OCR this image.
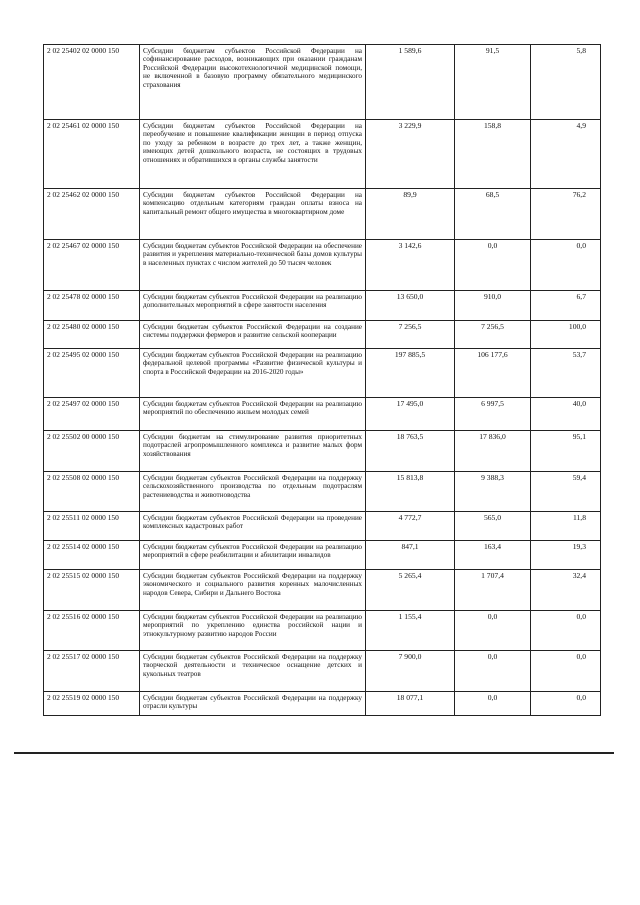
2 02 25402 02 0000 150	Субсидии бюджетам субъектов Российской Федерации на софинансирование расходов, возникающих при оказании гражданам Российской Федерации высокотехнологичной медицинской помощи, не включенной в базовую программу обязательного медицинского страхования	1 589,6	91,5	5,8
2 02 25461 02 0000 150	Субсидии бюджетам субъектов Российской Федерации на переобучение и повышение квалификации женщин в период отпуска по уходу за ребенком в возрасте до трех лет, а также женщин, имеющих детей дошкольного возраста, не состоящих в трудовых отношениях и обратившихся в органы службы занятости	3 229,9	158,8	4,9
2 02 25462 02 0000 150	Субсидии бюджетам субъектов Российской Федерации на компенсацию отдельным категориям граждан оплаты взноса на капитальный ремонт общего имущества в многоквартирном доме	89,9	68,5	76,2
2 02 25467 02 0000 150	Субсидии бюджетам субъектов Российской Федерации на обеспечение развития и укрепления материально-технической базы домов культуры в населенных пунктах с числом жителей до 50 тысяч человек	3 142,6	0,0	0,0
2 02 25478 02 0000 150	Субсидии бюджетам субъектов Российской Федерации на реализацию дополнительных мероприятий в сфере занятости населения	13 650,0	910,0	6,7
2 02 25480 02 0000 150	Субсидии бюджетам субъектов Российской Федерации на создание системы поддержки фермеров и развитие сельской кооперации	7 256,5	7 256,5	100,0
2 02 25495 02 0000 150	Субсидии бюджетам субъектов Российской Федерации на реализацию федеральной целевой программы «Развитие физической культуры и спорта в Российской Федерации на 2016-2020 годы»	197 885,5	106 177,6	53,7
2 02 25497 02 0000 150	Субсидии бюджетам субъектов Российской Федерации на реализацию мероприятий по обеспечению жильем молодых семей	17 495,0	6 997,5	40,0
2 02 25502 00 0000 150	Субсидии бюджетам на стимулирование развития приоритетных подотраслей агропромышленного комплекса и развитие малых форм хозяйствования	18 763,5	17 836,0	95,1
2 02 25508 02 0000 150	Субсидии бюджетам субъектов Российской Федерации на поддержку сельскохозяйственного производства по отдельным подотраслям растениеводства и животноводства	15 813,8	9 388,3	59,4
2 02 25511 02 0000 150	Субсидии бюджетам субъектов Российской Федерации на проведение комплексных кадастровых работ	4 772,7	565,0	11,8
2 02 25514 02 0000 150	Субсидии бюджетам субъектов Российской Федерации на реализацию мероприятий в сфере реабилитации и абилитации инвалидов	847,1	163,4	19,3
2 02 25515 02 0000 150	Субсидии бюджетам субъектов Российской Федерации на поддержку экономического и социального развития коренных малочисленных народов Севера, Сибири и Дальнего Востока	5 265,4	1 707,4	32,4
2 02 25516 02 0000 150	Субсидии бюджетам субъектов Российской Федерации на реализацию мероприятий по укреплению единства российской нации и этнокультурному развитию народов России	1 155,4	0,0	0,0
2 02 25517 02 0000 150	Субсидии бюджетам субъектов Российской Федерации на поддержку творческой деятельности и техническое оснащение детских и кукольных театров	7 900,0	0,0	0,0
2 02 25519 02 0000 150	Субсидии бюджетам субъектов Российской Федерации на поддержку отрасли культуры	18 077,1	0,0	0,0
